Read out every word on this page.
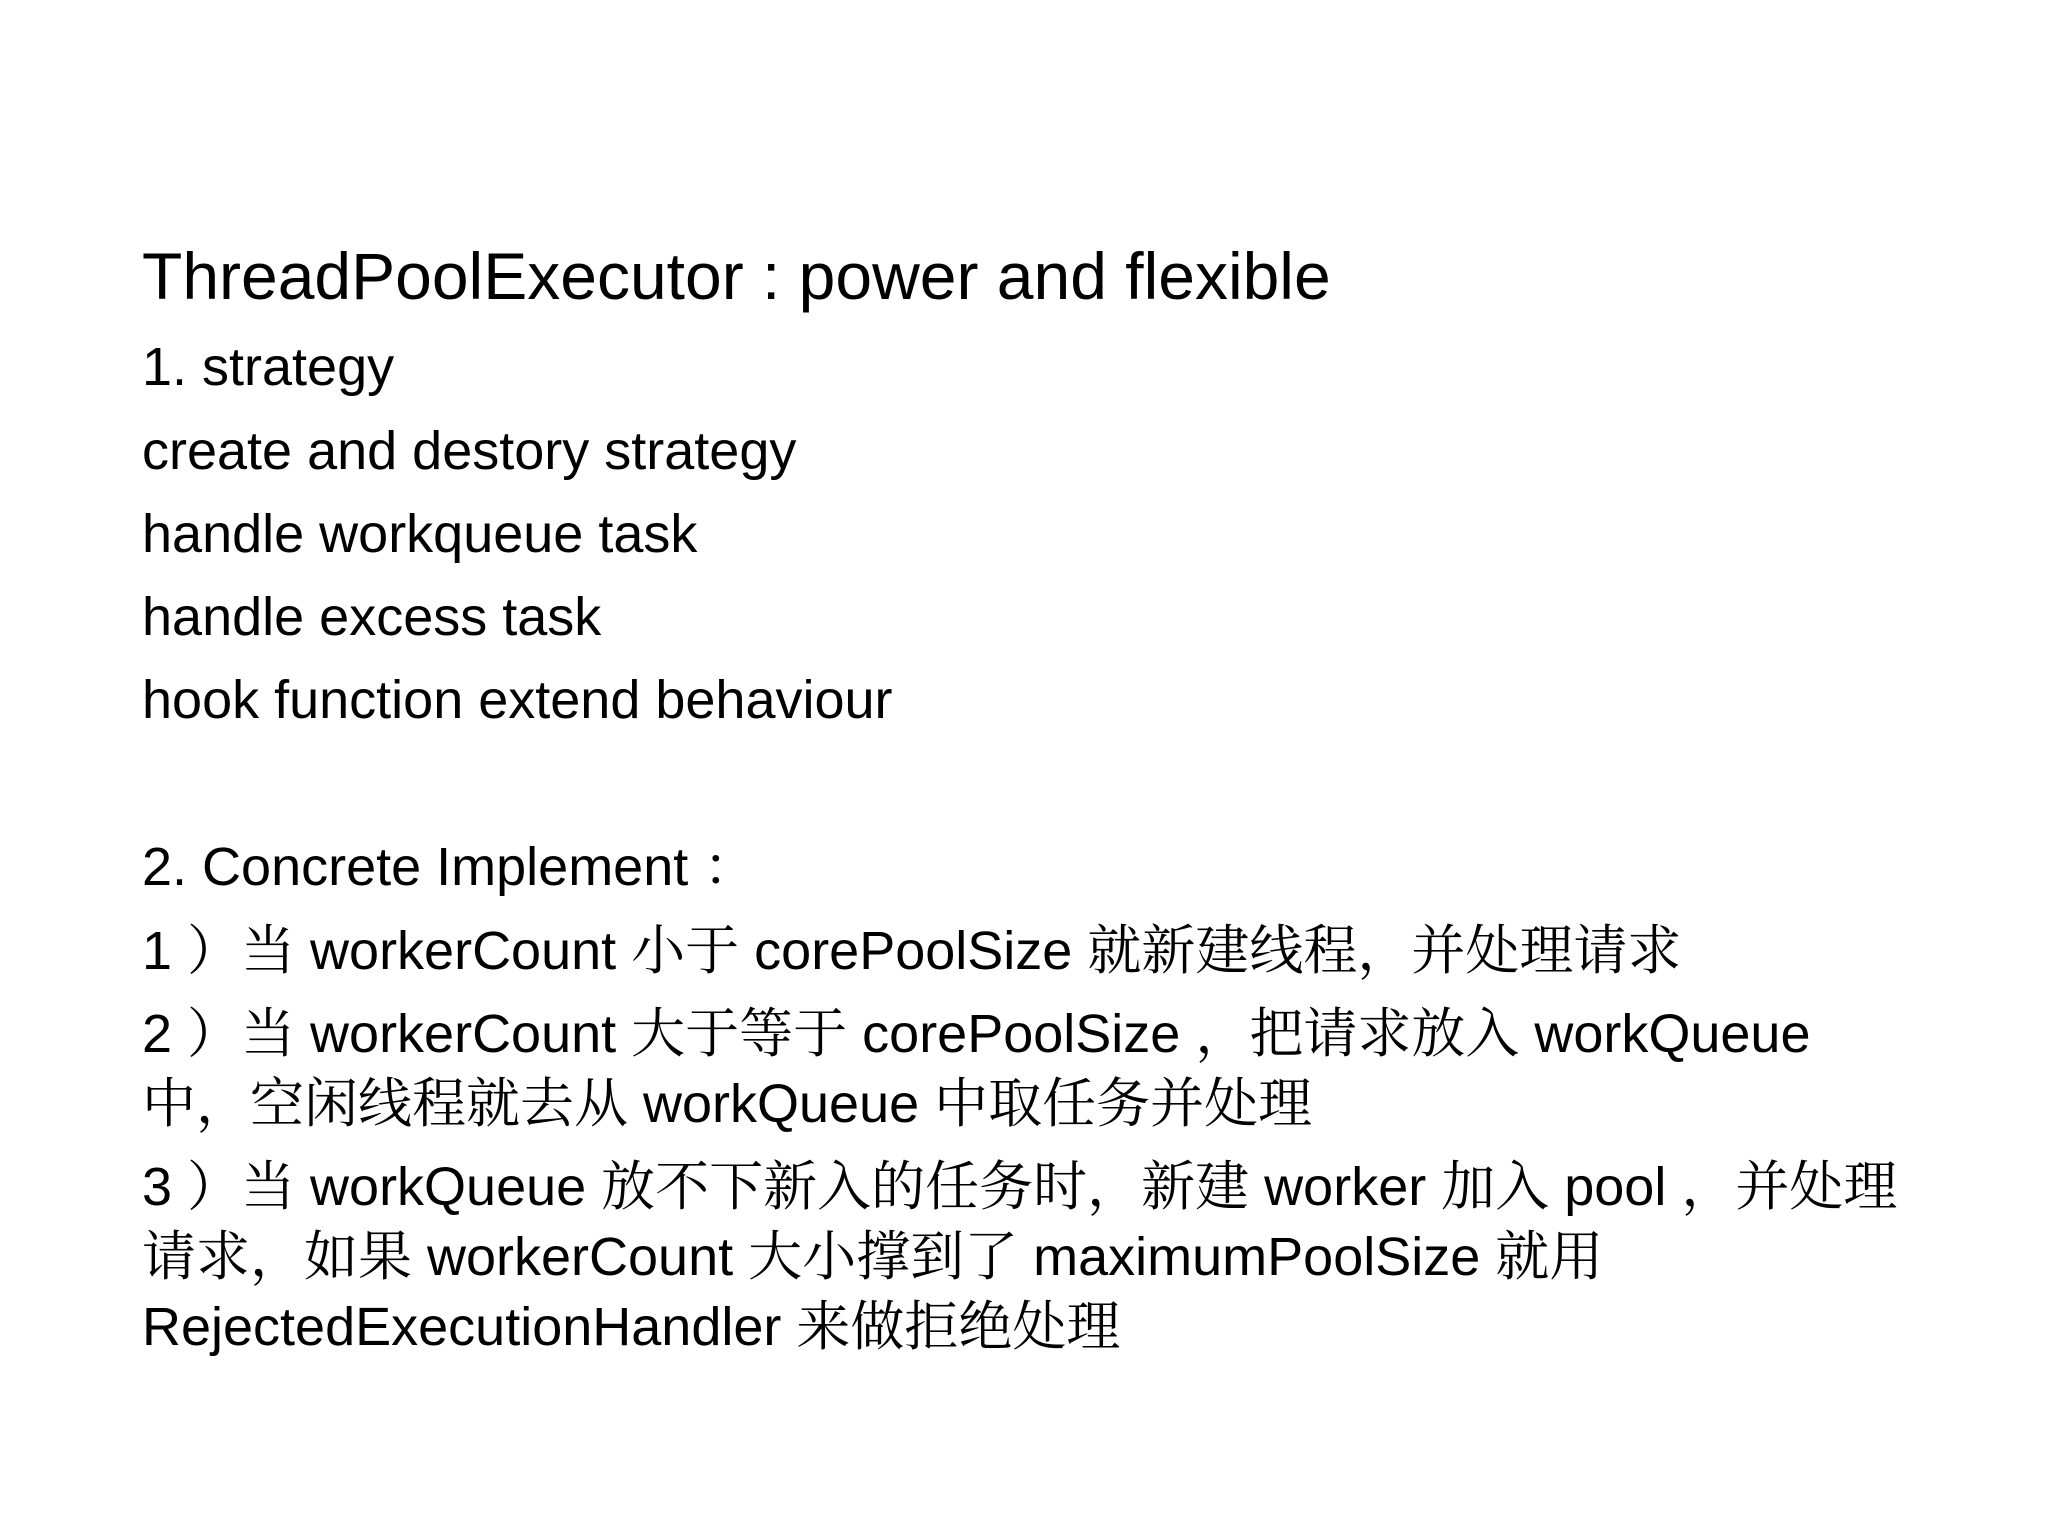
ThreadPoolExecutor : power and flexible
1. strategy
create and destory strategy
handle workqueue task
handle excess task
hook function extend behaviour
2. Concrete Implement ：
1 ）当 workerCount 小于 corePoolSize 就新建线程，并处理请求
2 ）当 workerCount 大于等于 corePoolSize ，把请求放入 workQueue 中，空闲线程就去从 workQueue 中取任务并处理
3 ）当 workQueue 放不下新入的任务时，新建 worker 加入 pool ，并处理请求，如果 workerCount 大小撑到了 maximumPoolSize 就用 RejectedExecutionHandler 来做拒绝处理
